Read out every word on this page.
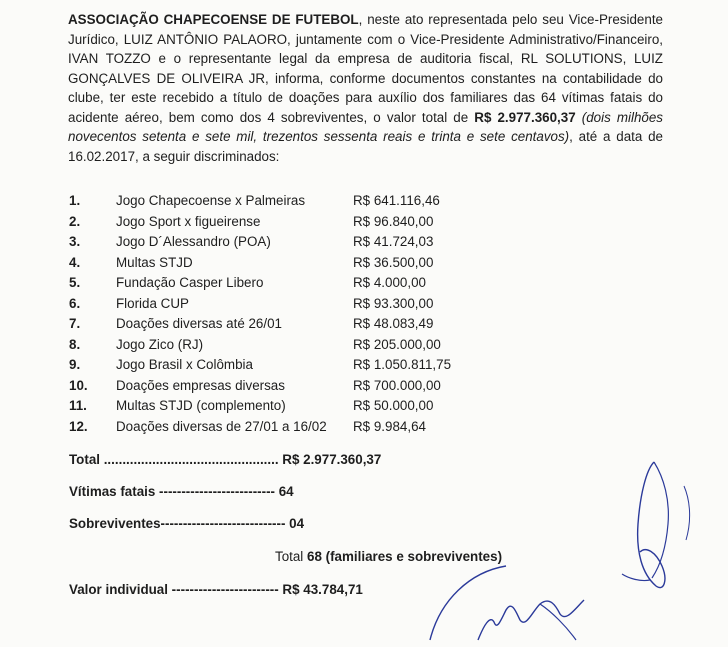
ASSOCIAÇÃO CHAPECOENSE DE FUTEBOL, neste ato representada pelo seu Vice-Presidente Jurídico, LUIZ ANTÔNIO PALAORO, juntamente com o Vice-Presidente Administrativo/Financeiro, IVAN TOZZO e o representante legal da empresa de auditoria fiscal, RL SOLUTIONS, LUIZ GONÇALVES DE OLIVEIRA JR, informa, conforme documentos constantes na contabilidade do clube, ter este recebido a título de doações para auxílio dos familiares das 64 vítimas fatais do acidente aéreo, bem como dos 4 sobreviventes, o valor total de R$ 2.977.360,37 (dois milhões novecentos setenta e sete mil, trezentos sessenta reais e trinta e sete centavos), até a data de 16.02.2017, a seguir discriminados:
1.	Jogo Chapecoense x Palmeiras	R$ 641.116,46
2.	Jogo Sport x figueirense	R$ 96.840,00
3.	Jogo D´Alessandro (POA)	R$ 41.724,03
4.	Multas STJD	R$ 36.500,00
5.	Fundação Casper Libero	R$ 4.000,00
6.	Florida CUP	R$ 93.300,00
7.	Doações diversas até 26/01	R$ 48.083,49
8.	Jogo Zico (RJ)	R$ 205.000,00
9.	Jogo Brasil x Colômbia	R$ 1.050.811,75
10. Doações empresas diversas	R$ 700.000,00
11. Multas STJD (complemento)	R$ 50.000,00
12. Doações diversas de 27/01 a 16/02 R$ 9.984,64
Total ............................................... R$ 2.977.360,37
Vítimas fatais -------------------------- 64
Sobreviventes---------------------------- 04
Total 68 (familiares e sobreviventes)
Valor individual ------------------------ R$ 43.784,71
